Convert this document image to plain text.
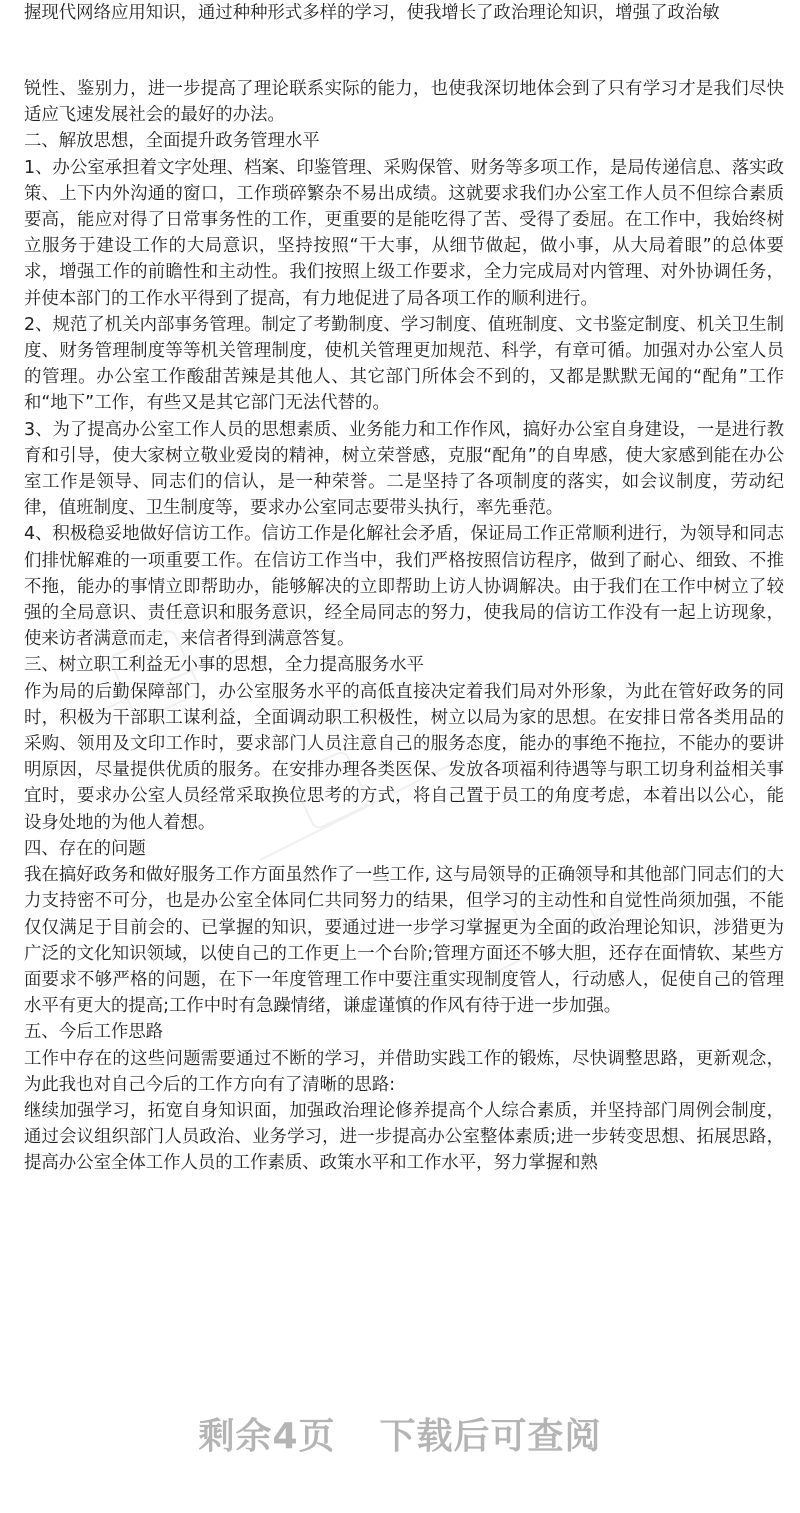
握现代网络应用知识，通过种种形式多样的学习，使我增长了政治理论知识，增强了政治敏

锐性、鉴别力，进一步提高了理论联系实际的能力，也使我深切地体会到了只有学习才是我们尽快适应飞速发展社会的最好的办法。

二、解放思想，全面提升政务管理水平

1、办公室承担着文字处理、档案、印鉴管理、采购保管、财务等多项工作，是局传递信息、落实政策、上下内外沟通的窗口，工作琐碎繁杂不易出成绩。这就要求我们办公室工作人员不但综合素质要高，能应对得了日常事务性的工作，更重要的是能吃得了苦、受得了委屈。在工作中，我始终树立服务于建设工作的大局意识，坚持按照“干大事，从细节做起，做小事，从大局着眼”的总体要求，增强工作的前瞻性和主动性。我们按照上级工作要求，全力完成局对内管理、对外协调任务，并使本部门的工作水平得到了提高，有力地促进了局各项工作的顺利进行。

2、规范了机关内部事务管理。制定了考勤制度、学习制度、值班制度、文书鉴定制度、机关卫生制度、财务管理制度等等机关管理制度，使机关管理更加规范、科学，有章可循。加强对办公室人员的管理。办公室工作酸甜苦辣是其他人、其它部门所体会不到的，又都是默默无闻的“配角”工作和“地下”工作，有些又是其它部门无法代替的。

3、为了提高办公室工作人员的思想素质、业务能力和工作作风，搞好办公室自身建设，一是进行教育和引导，使大家树立敬业爱岗的精神，树立荣誉感，克服“配角”的自卑感，使大家感到能在办公室工作是领导、同志们的信认，是一种荣誉。二是坚持了各项制度的落实，如会议制度，劳动纪律，值班制度、卫生制度等，要求办公室同志要带头执行，率先垂范。

4、积极稳妥地做好信访工作。信访工作是化解社会矛盾，保证局工作正常顺利进行，为领导和同志们排忧解难的一项重要工作。在信访工作当中，我们严格按照信访程序，做到了耐心、细致、不推不拖，能办的事情立即帮助办，能够解决的立即帮助上访人协调解决。由于我们在工作中树立了较强的全局意识、责任意识和服务意识，经全局同志的努力，使我局的信访工作没有一起上访现象，使来访者满意而走，来信者得到满意答复。

三、树立职工利益无小事的思想，全力提高服务水平

作为局的后勤保障部门，办公室服务水平的高低直接决定着我们局对外形象，为此在管好政务的同时，积极为干部职工谋利益，全面调动职工积极性，树立以局为家的思想。在安排日常各类用品的采购、领用及文印工作时，要求部门人员注意自己的服务态度，能办的事绝不拖拉，不能办的要讲明原因，尽量提供优质的服务。在安排办理各类医保、发放各项福利待遇等与职工切身利益相关事宜时，要求办公室人员经常采取换位思考的方式，将自己置于员工的角度考虑，本着出以公心，能设身处地的为他人着想。

四、存在的问题

我在搞好政务和做好服务工作方面虽然作了一些工作, 这与局领导的正确领导和其他部门同志们的大力支持密不可分，也是办公室全体同仁共同努力的结果，但学习的主动性和自觉性尚须加强，不能仅仅满足于目前会的、已掌握的知识，要通过进一步学习掌握更为全面的政治理论知识，涉猎更为广泛的文化知识领域，以使自己的工作更上一个台阶;管理方面还不够大胆，还存在面情软、某些方面要求不够严格的问题，在下一年度管理工作中要注重实现制度管人，行动感人，促使自己的管理水平有更大的提高;工作中时有急躁情绪，谦虚谨慎的作风有待于进一步加强。

五、今后工作思路

工作中存在的这些问题需要通过不断的学习，并借助实践工作的锻炼，尽快调整思路，更新观念，为此我也对自己今后的工作方向有了清晰的思路:

继续加强学习，拓宽自身知识面，加强政治理论修养提高个人综合素质，并坚持部门周例会制度，通过会议组织部门人员政治、业务学习，进一步提高办公室整体素质;进一步转变思想、拓展思路，提高办公室全体工作人员的工作素质、政策水平和工作水平，努力掌握和熟

剩余4页 下载后可查阅
